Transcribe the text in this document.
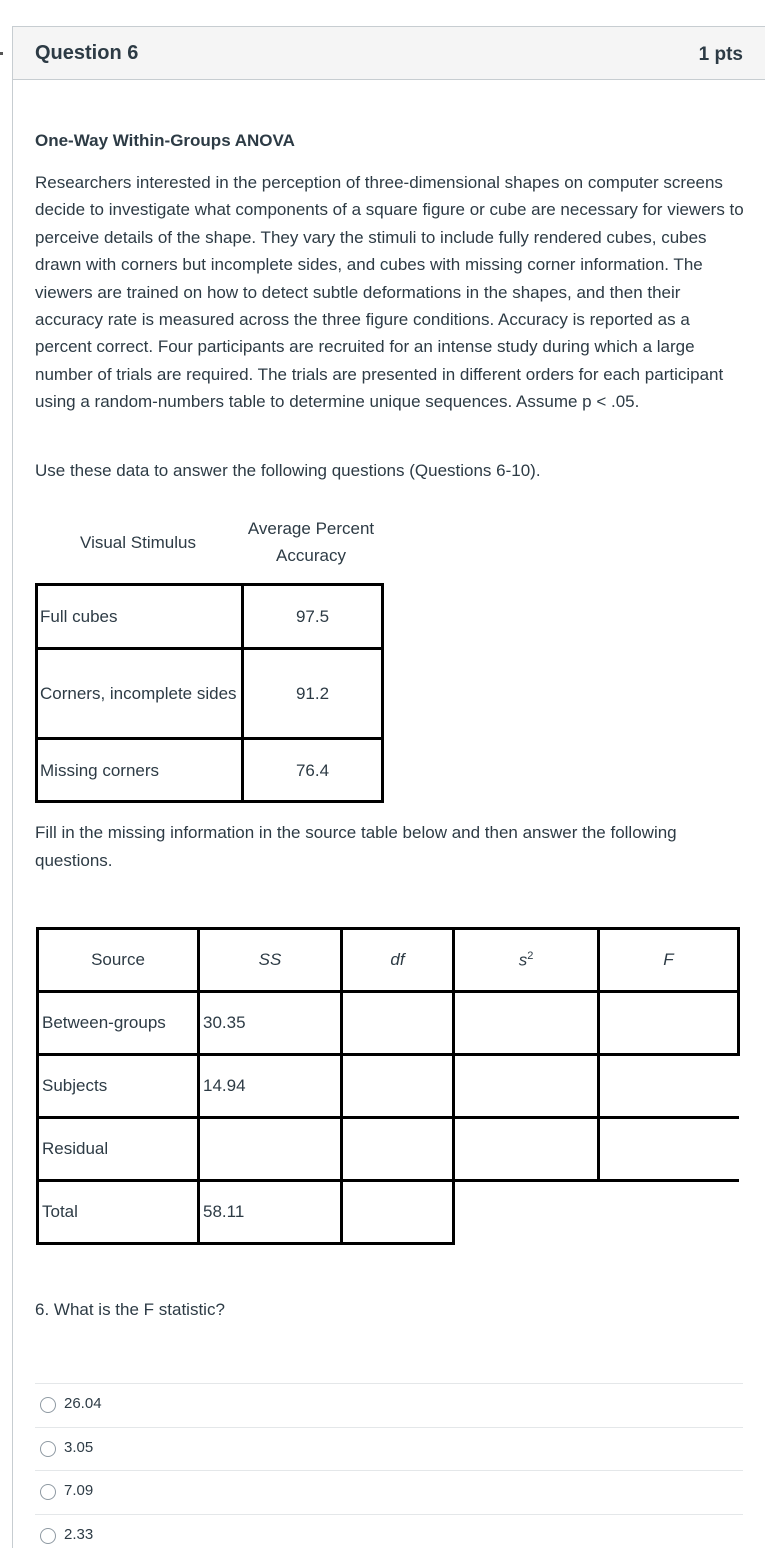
Question 6	1 pts

One-Way Within-Groups ANOVA

Researchers interested in the perception of three-dimensional shapes on computer screens decide to investigate what components of a square figure or cube are necessary for viewers to perceive details of the shape. They vary the stimuli to include fully rendered cubes, cubes drawn with corners but incomplete sides, and cubes with missing corner information. The viewers are trained on how to detect subtle deformations in the shapes, and then their accuracy rate is measured across the three figure conditions. Accuracy is reported as a percent correct. Four participants are recruited for an intense study during which a large number of trials are required. The trials are presented in different orders for each participant using a random-numbers table to determine unique sequences. Assume p < .05.

Use these data to answer the following questions (Questions 6-10).

Visual Stimulus
Average Percent
Accuracy
Full cubes	97.5
Corners, incomplete sides	91.2
Missing corners	76.4

Fill in the missing information in the source table below and then answer the following questions.

Source	SS	df	$s^2$	F
Between-groups	30.35			
Subjects	14.94			
Residual				
Total	58.11			
6. What is the F statistic?
26.04
3.05
7.09
2.33
